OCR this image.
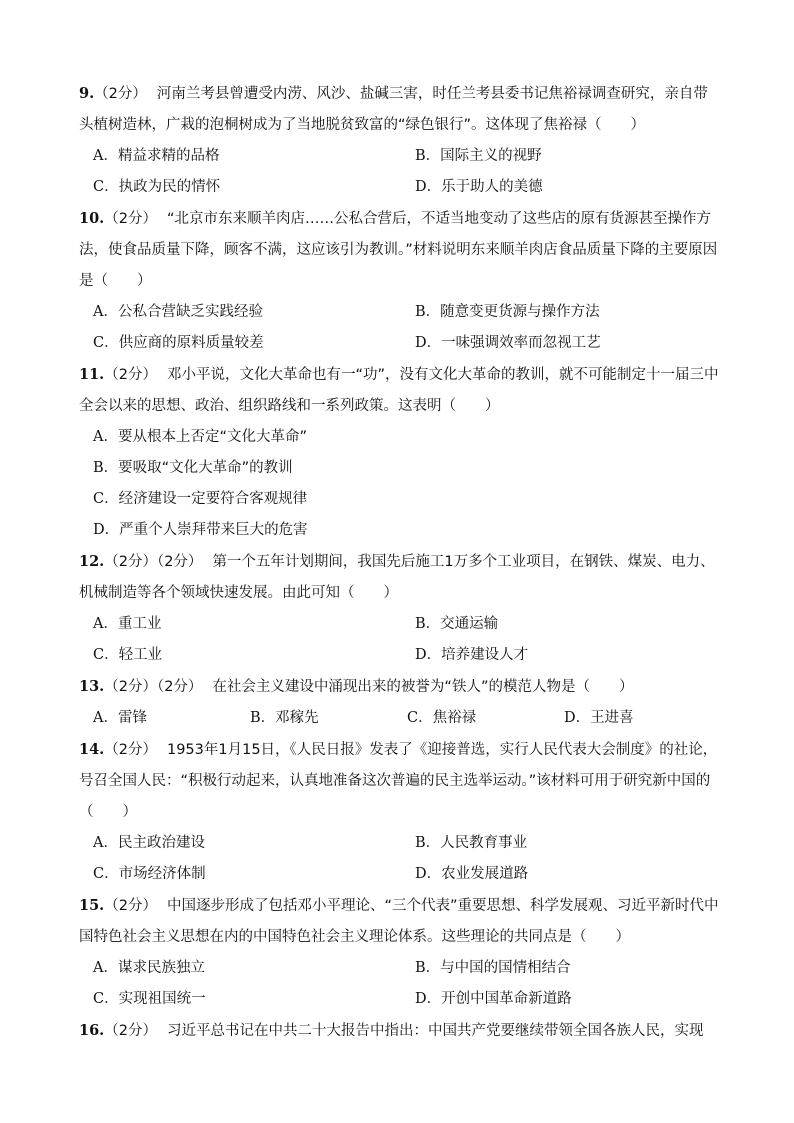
9.（2分） 河南兰考县曾遭受内涝、风沙、盐碱三害，时任兰考县委书记焦裕禄调查研究，亲自带头植树造林，广栽的泡桐树成为了当地脱贫致富的“绿色银行”。这体现了焦裕禄（　　）

A．精益求精的品格	B．国际主义的视野
C．执政为民的情怀	D．乐于助人的美德

10.（2分） “北京市东来顺羊肉店……公私合营后，不适当地变动了这些店的原有货源甚至操作方法，使食品质量下降，顾客不满，这应该引为教训。”材料说明东来顺羊肉店食品质量下降的主要原因是（　　）

A．公私合营缺乏实践经验	B．随意变更货源与操作方法
C．供应商的原料质量较差	D．一味强调效率而忽视工艺

11.（2分） 邓小平说，文化大革命也有一“功”，没有文化大革命的教训，就不可能制定十一届三中全会以来的思想、政治、组织路线和一系列政策。这表明（　　）

A．要从根本上否定“文化大革命”
B．要吸取“文化大革命”的教训
C．经济建设一定要符合客观规律
D．严重个人崇拜带来巨大的危害

12.（2分）（2分） 第一个五年计划期间，我国先后施工1万多个工业项目，在钢铁、煤炭、电力、机械制造等各个领域快速发展。由此可知（　　）

A．重工业	B．交通运输
C．轻工业	D．培养建设人才

13.（2分）（2分） 在社会主义建设中涌现出来的被誉为“铁人”的模范人物是（　　）

A．雷锋	B．邓稼先	C．焦裕禄	D．王进喜

14.（2分） 1953年1月15日，《人民日报》发表了《迎接普选，实行人民代表大会制度》的社论，号召全国人民：“积极行动起来，认真地准备这次普遍的民主选举运动。”该材料可用于研究新中国的（　　）

A．民主政治建设	B．人民教育事业
C．市场经济体制	D．农业发展道路

15.（2分） 中国逐步形成了包括邓小平理论、“三个代表”重要思想、科学发展观、习近平新时代中国特色社会主义思想在内的中国特色社会主义理论体系。这些理论的共同点是（　　）

A．谋求民族独立	B．与中国的国情相结合
C．实现祖国统一	D．开创中国革命新道路

16.（2分） 习近平总书记在中共二十大报告中指出：中国共产党要继续带领全国各族人民，实现
